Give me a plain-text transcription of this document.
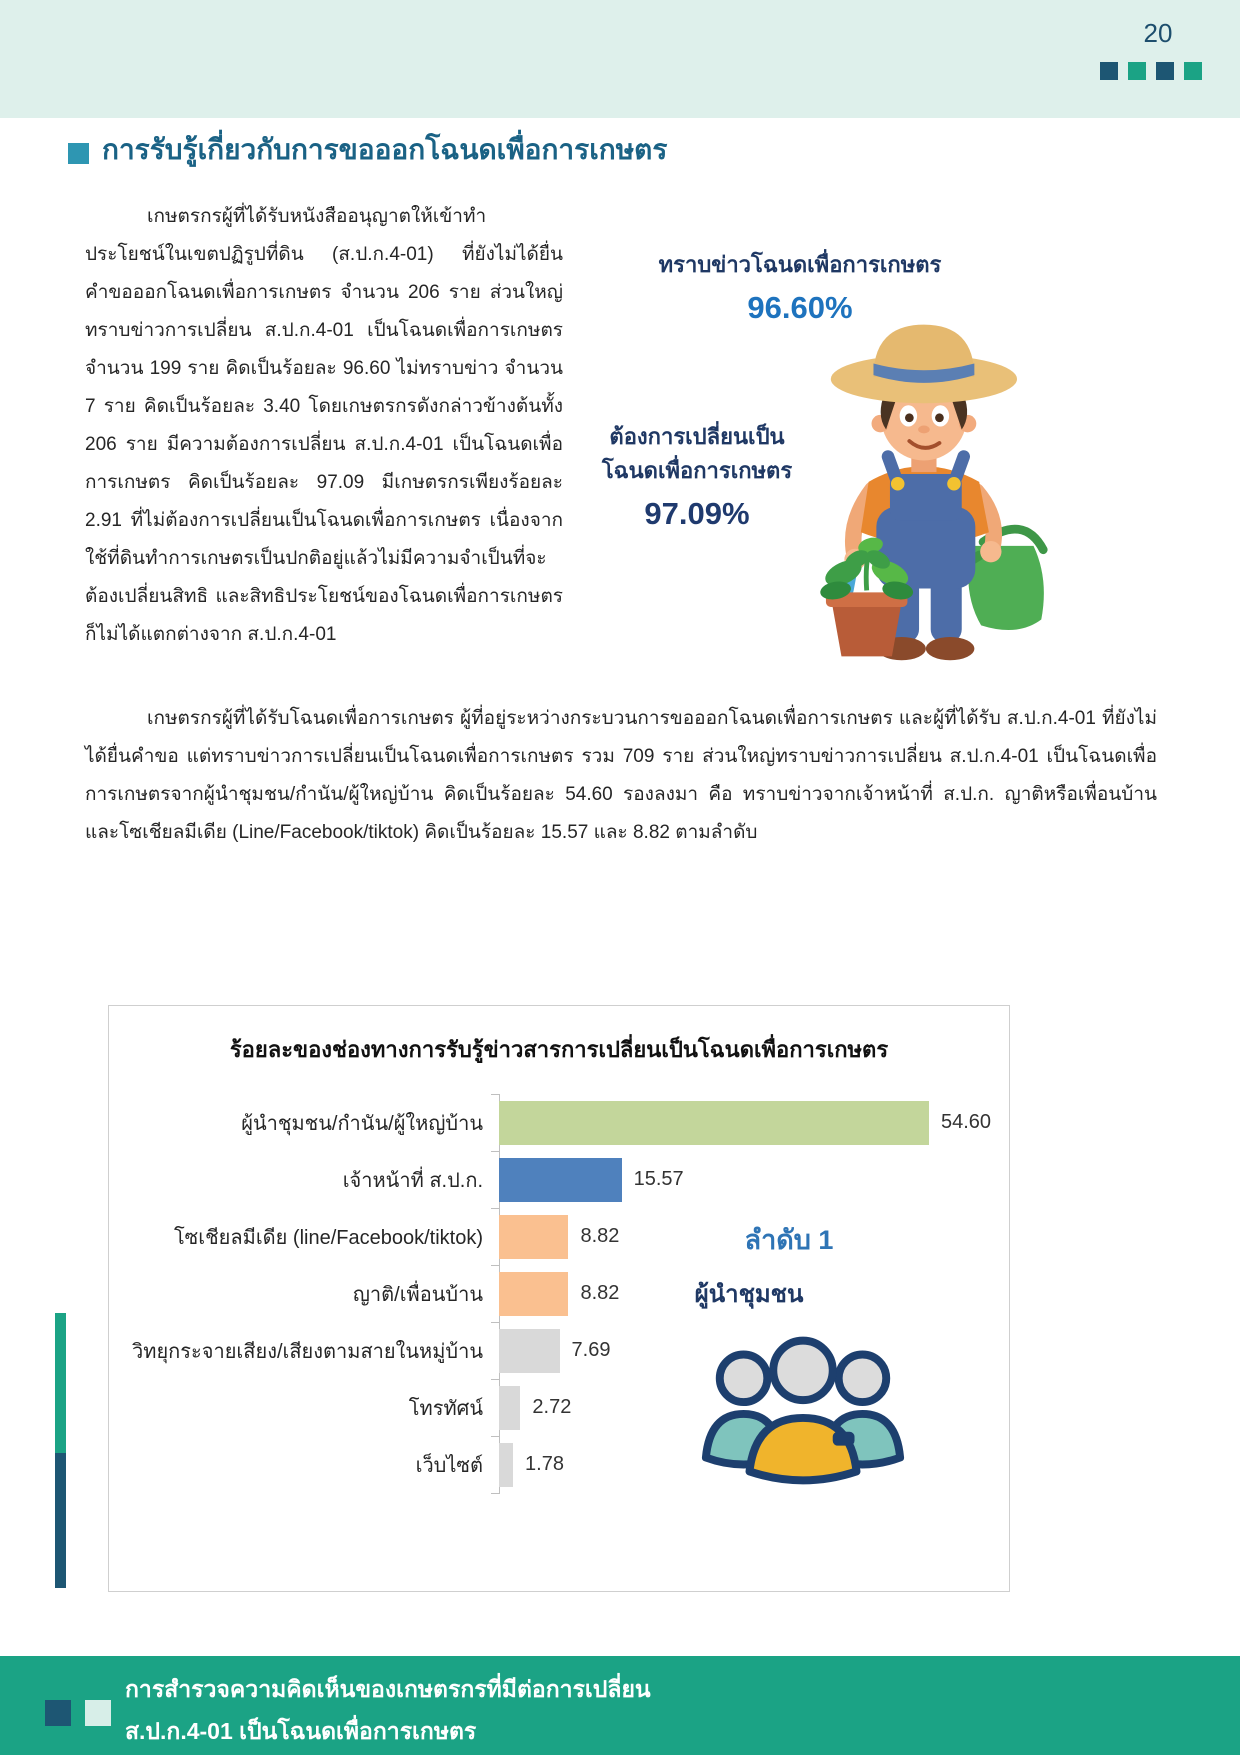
20
การรับรู้เกี่ยวกับการขอออกโฉนดเพื่อการเกษตร
เกษตรกรผู้ที่ได้รับหนังสืออนุญาตให้เข้าทำประโยชน์ในเขตปฏิรูปที่ดิน (ส.ป.ก.4-01) ที่ยังไม่ได้ยื่นคำขอออกโฉนดเพื่อการเกษตร จำนวน 206 ราย ส่วนใหญ่ทราบข่าวการเปลี่ยน ส.ป.ก.4-01 เป็นโฉนดเพื่อการเกษตร จำนวน 199 ราย คิดเป็นร้อยละ 96.60 ไม่ทราบข่าว จำนวน 7 ราย คิดเป็นร้อยละ 3.40 โดยเกษตรกรดังกล่าวข้างต้นทั้ง 206 ราย มีความต้องการเปลี่ยน ส.ป.ก.4-01 เป็นโฉนดเพื่อการเกษตร คิดเป็นร้อยละ 97.09 มีเกษตรกรเพียงร้อยละ 2.91 ที่ไม่ต้องการเปลี่ยนเป็นโฉนดเพื่อการเกษตร เนื่องจากใช้ที่ดินทำการเกษตรเป็นปกติอยู่แล้วไม่มีความจำเป็นที่จะต้องเปลี่ยนสิทธิ และสิทธิประโยชน์ของโฉนดเพื่อการเกษตรก็ไม่ได้แตกต่างจาก ส.ป.ก.4-01
ทราบข่าวโฉนดเพื่อการเกษตร
96.60%
ต้องการเปลี่ยนเป็น
โฉนดเพื่อการเกษตร
97.09%
เกษตรกรผู้ที่ได้รับโฉนดเพื่อการเกษตร ผู้ที่อยู่ระหว่างกระบวนการขอออกโฉนดเพื่อการเกษตร และผู้ที่ได้รับ ส.ป.ก.4-01 ที่ยังไม่ได้ยื่นคำขอ แต่ทราบข่าวการเปลี่ยนเป็นโฉนดเพื่อการเกษตร รวม 709 ราย ส่วนใหญ่ทราบข่าวการเปลี่ยน ส.ป.ก.4-01 เป็นโฉนดเพื่อการเกษตรจากผู้นำชุมชน/กำนัน/ผู้ใหญ่บ้าน คิดเป็นร้อยละ 54.60 รองลงมา คือ ทราบข่าวจากเจ้าหน้าที่ ส.ป.ก. ญาติหรือเพื่อนบ้าน และโซเชียลมีเดีย (Line/Facebook/tiktok) คิดเป็นร้อยละ 15.57 และ 8.82 ตามลำดับ
ร้อยละของช่องทางการรับรู้ข่าวสารการเปลี่ยนเป็นโฉนดเพื่อการเกษตร
ผู้นำชุมชน/กำนัน/ผู้ใหญ่บ้าน	54.60
เจ้าหน้าที่ ส.ป.ก.	15.57
โซเชียลมีเดีย (line/Facebook/tiktok)	8.82
ญาติ/เพื่อนบ้าน	8.82
วิทยุกระจายเสียง/เสียงตามสายในหมู่บ้าน	7.69
โทรทัศน์	2.72
เว็บไซต์	1.78
ลำดับ 1
ผู้นำชุมชน
การสำรวจความคิดเห็นของเกษตรกรที่มีต่อการเปลี่ยน
ส.ป.ก.4-01 เป็นโฉนดเพื่อการเกษตร
